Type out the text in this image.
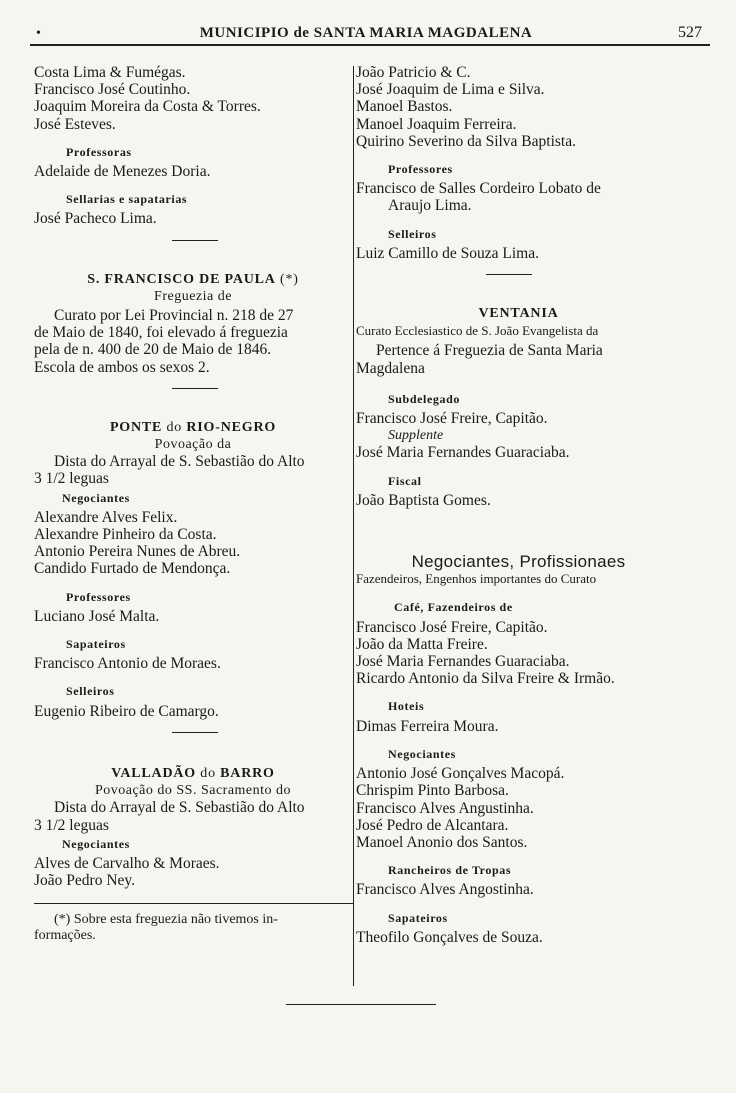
•	MUNICIPIO de SANTA MARIA MAGDALENA	527
Costa Lima & Fumégas.
Francisco José Coutinho.
Joaquim Moreira da Costa & Torres.
José Esteves.
Professoras
Adelaide de Menezes Doria.
Sellarias e sapatarias
José Pacheco Lima.
S. FRANCISCO DE PAULA (*)
Freguezia de
Curato por Lei Provincial n. 218 de 27
de Maio de 1840, foi elevado á freguezia
pela de n. 400 de 20 de Maio de 1846.
Escola de ambos os sexos 2.
PONTE do RIO-NEGRO
Povoação da
Dista do Arrayal de S. Sebastião do Alto
3 1/2 leguas
Negociantes
Alexandre Alves Felix.
Alexandre Pinheiro da Costa.
Antonio Pereira Nunes de Abreu.
Candido Furtado de Mendonça.
Professores
Luciano José Malta.
Sapateiros
Francisco Antonio de Moraes.
Selleiros
Eugenio Ribeiro de Camargo.
VALLADÃO do BARRO
Povoação do SS. Sacramento do
Dista do Arrayal de S. Sebastião do Alto
3 1/2 leguas
Negociantes
Alves de Carvalho & Moraes.
João Pedro Ney.
(*) Sobre esta freguezia não tivemos in-
formações.
João Patricio & C.
José Joaquim de Lima e Silva.
Manoel Bastos.
Manoel Joaquim Ferreira.
Quirino Severino da Silva Baptista.
Professores
Francisco de Salles Cordeiro Lobato de
Araujo Lima.
Selleiros
Luiz Camillo de Souza Lima.
VENTANIA
Curato Ecclesiastico de S. João Evangelista da
Pertence á Freguezia de Santa Maria
Magdalena
Subdelegado
Francisco José Freire, Capitão.
Supplente
José Maria Fernandes Guaraciaba.
Fiscal
João Baptista Gomes.
Negociantes, Profissionaes
Fazendeiros, Engenhos importantes do Curato
Café, Fazendeiros de
Francisco José Freire, Capitão.
João da Matta Freire.
José Maria Fernandes Guaraciaba.
Ricardo Antonio da Silva Freire & Irmão.
Hoteis
Dimas Ferreira Moura.
Negociantes
Antonio José Gonçalves Macopá.
Chrispim Pinto Barbosa.
Francisco Alves Angustinha.
José Pedro de Alcantara.
Manoel Anonio dos Santos.
Rancheiros de Tropas
Francisco Alves Angostinha.
Sapateiros
Theofilo Gonçalves de Souza.
